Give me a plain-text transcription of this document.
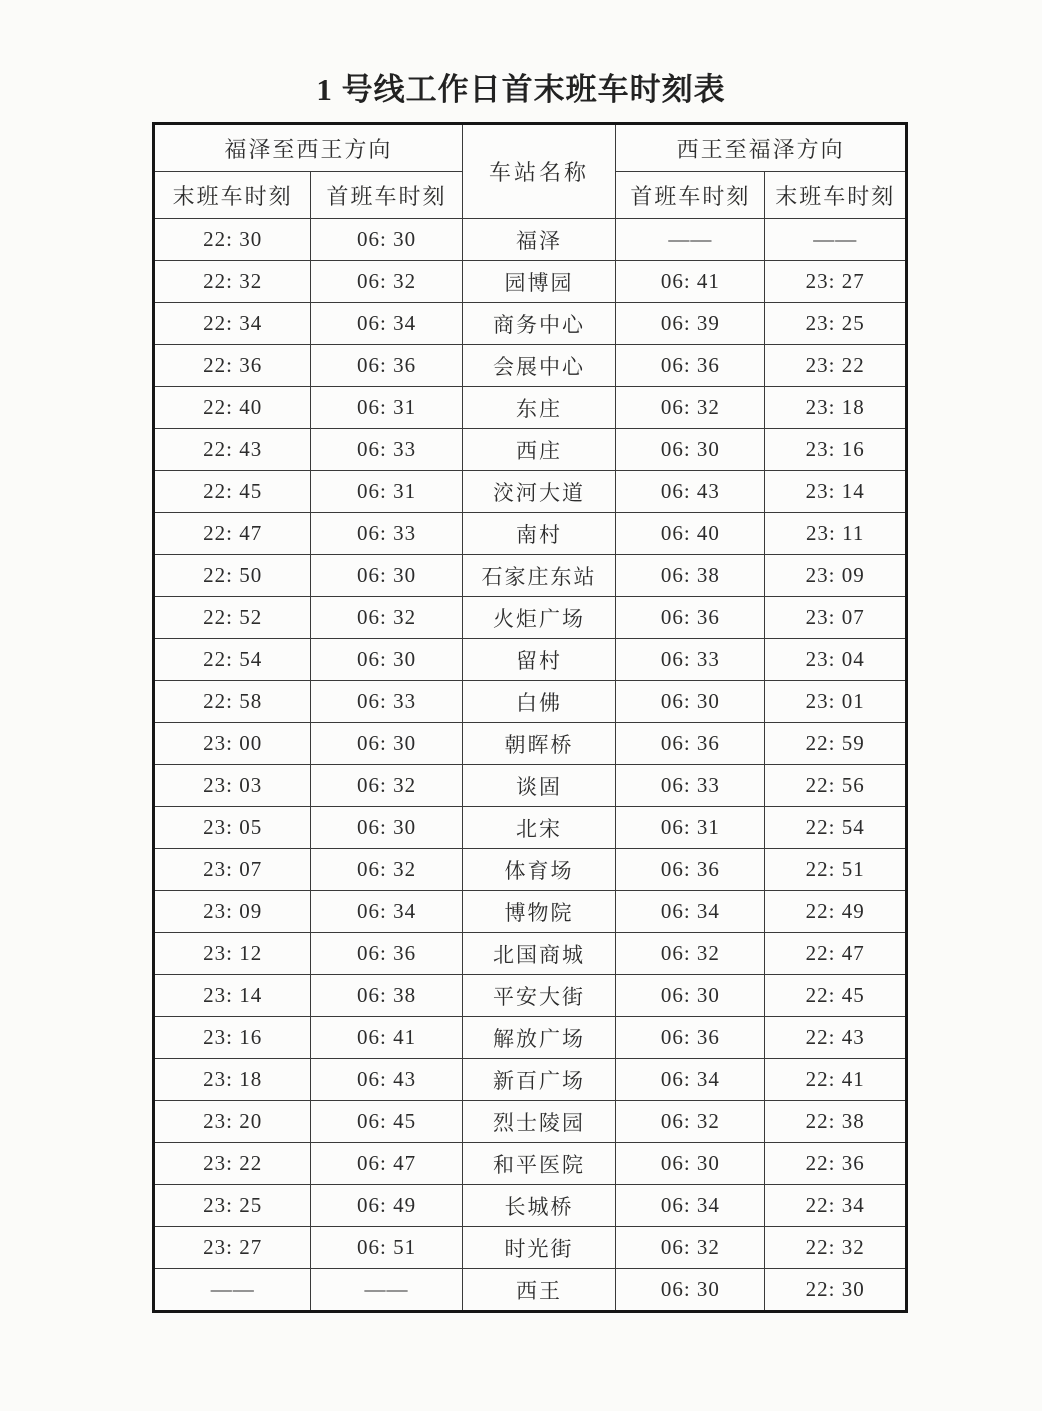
1 号线工作日首末班车时刻表
福泽至西王方向		车站名称	西王至福泽方向	
末班车时刻	首班车时刻		首班车时刻	末班车时刻
22: 30	06: 30	福泽	——	——
22: 32	06: 32	园博园	06: 41	23: 27
22: 34	06: 34	商务中心	06: 39	23: 25
22: 36	06: 36	会展中心	06: 36	23: 22
22: 40	06: 31	东庄	06: 32	23: 18
22: 43	06: 33	西庄	06: 30	23: 16
22: 45	06: 31	洨河大道	06: 43	23: 14
22: 47	06: 33	南村	06: 40	23: 11
22: 50	06: 30	石家庄东站	06: 38	23: 09
22: 52	06: 32	火炬广场	06: 36	23: 07
22: 54	06: 30	留村	06: 33	23: 04
22: 58	06: 33	白佛	06: 30	23: 01
23: 00	06: 30	朝晖桥	06: 36	22: 59
23: 03	06: 32	谈固	06: 33	22: 56
23: 05	06: 30	北宋	06: 31	22: 54
23: 07	06: 32	体育场	06: 36	22: 51
23: 09	06: 34	博物院	06: 34	22: 49
23: 12	06: 36	北国商城	06: 32	22: 47
23: 14	06: 38	平安大街	06: 30	22: 45
23: 16	06: 41	解放广场	06: 36	22: 43
23: 18	06: 43	新百广场	06: 34	22: 41
23: 20	06: 45	烈士陵园	06: 32	22: 38
23: 22	06: 47	和平医院	06: 30	22: 36
23: 25	06: 49	长城桥	06: 34	22: 34
23: 27	06: 51	时光街	06: 32	22: 32
——	——	西王	06: 30	22: 30
